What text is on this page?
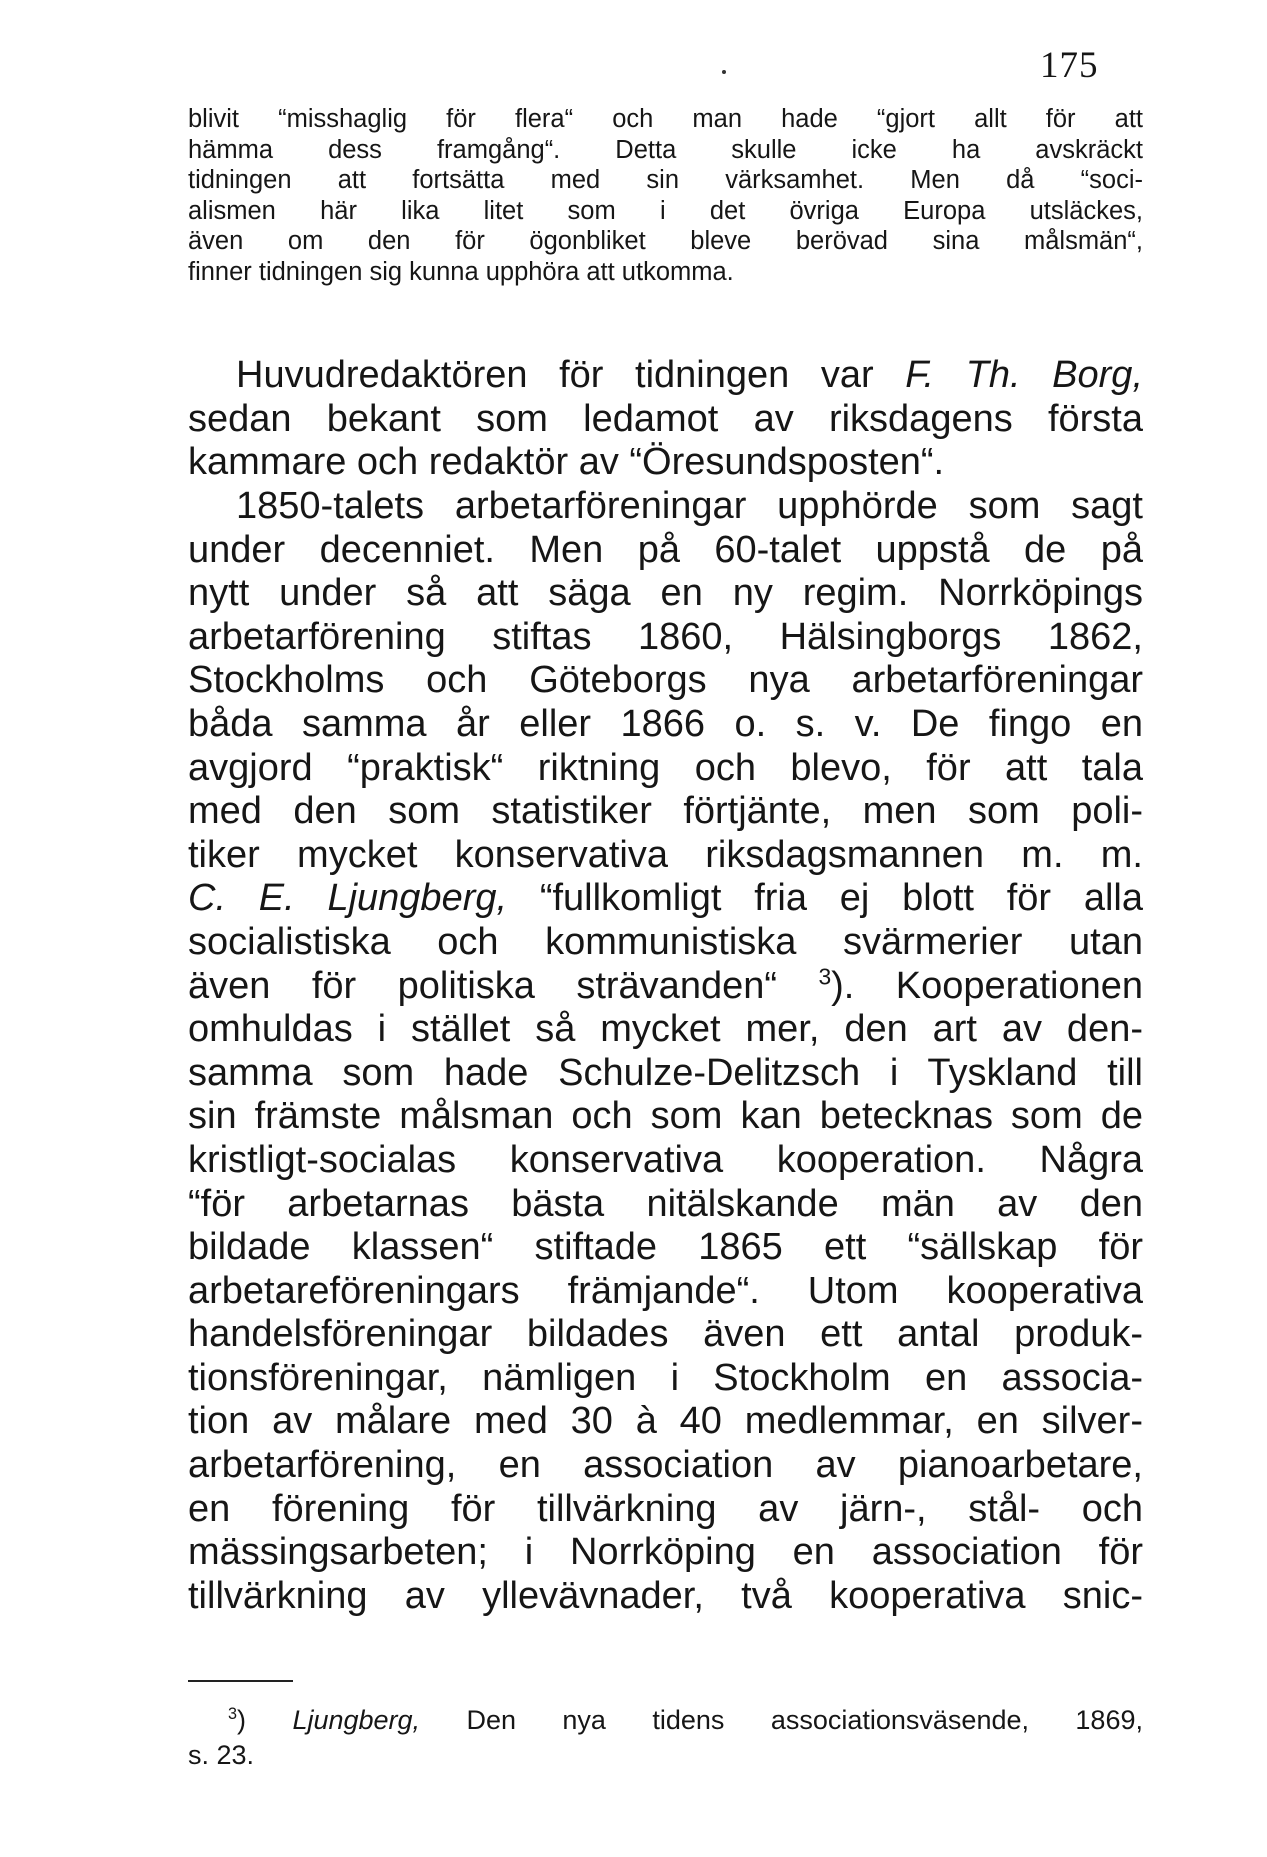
175
blivit “misshaglig för flera“ och man hade “gjort allt för att
hämma dess framgång“. Detta skulle icke ha avskräckt
tidningen att fortsätta med sin värksamhet. Men då “soci-
alismen här lika litet som i det övriga Europa utsläckes,
även om den för ögonbliket bleve berövad sina målsmän“,
finner tidningen sig kunna upphöra att utkomma.
Huvudredaktören för tidningen var F. Th. Borg,
sedan bekant som ledamot av riksdagens första
kammare och redaktör av “Öresundsposten“.
1850-talets arbetarföreningar upphörde som sagt
under decenniet. Men på 60-talet uppstå de på
nytt under så att säga en ny regim. Norrköpings
arbetarförening stiftas 1860, Hälsingborgs 1862,
Stockholms och Göteborgs nya arbetarföreningar
båda samma år eller 1866 o. s. v. De fingo en
avgjord “praktisk“ riktning och blevo, för att tala
med den som statistiker förtjänte, men som poli-
tiker mycket konservativa riksdagsmannen m. m.
C. E. Ljungberg, “fullkomligt fria ej blott för alla
socialistiska och kommunistiska svärmerier utan
även för politiska strävanden“ $^3$). Kooperationen
omhuldas i stället så mycket mer, den art av den-
samma som hade Schulze-Delitzsch i Tyskland till
sin främste målsman och som kan betecknas som de
kristligt-socialas konservativa kooperation. Några
“för arbetarnas bästa nitälskande män av den
bildade klassen“ stiftade 1865 ett “sällskap för
arbetareföreningars främjande“. Utom kooperativa
handelsföreningar bildades även ett antal produk-
tionsföreningar, nämligen i Stockholm en associa-
tion av målare med 30 à 40 medlemmar, en silver-
arbetarförening, en association av pianoarbetare,
en förening för tillvärkning av järn-, stål- och
mässingsarbeten; i Norrköping en association för
tillvärkning av yllevävnader, två kooperativa snic-
$^3$) Ljungberg, Den nya tidens associationsväsende, 1869,
s. 23.
